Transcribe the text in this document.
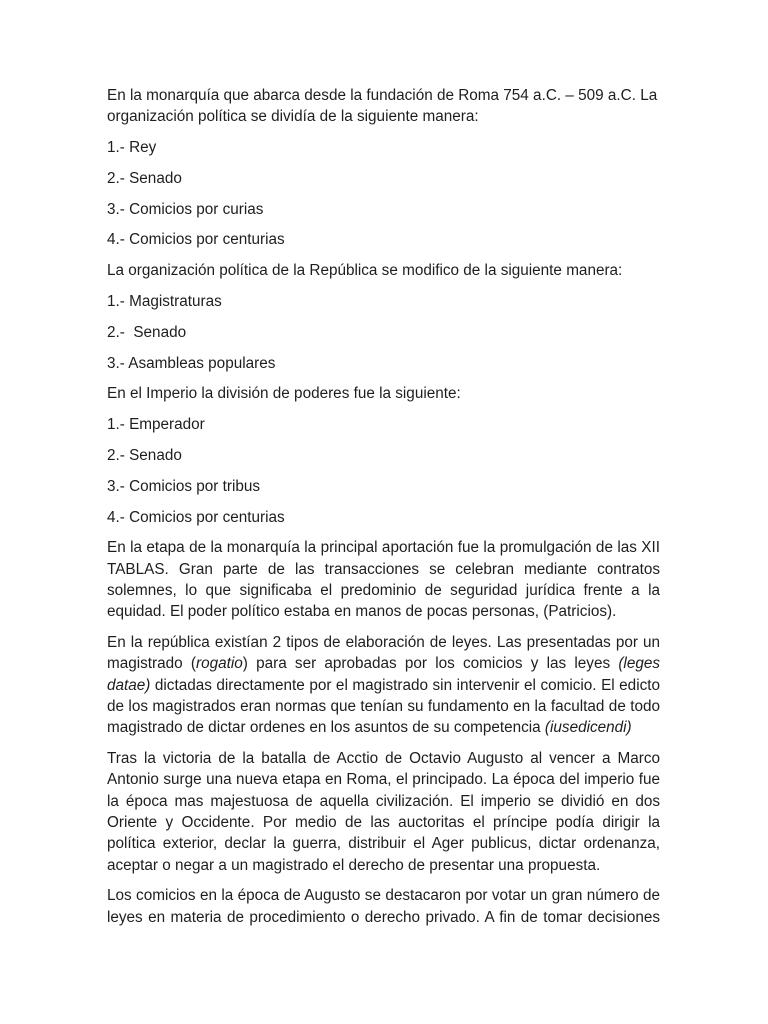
En la monarquía que abarca desde la fundación de Roma 754 a.C. – 509 a.C. La organización política se dividía de la siguiente manera:

1.- Rey

2.- Senado

3.- Comicios por curias

4.- Comicios por centurias

La organización política de la República se modifico de la siguiente manera:

1.- Magistraturas

2.-  Senado

3.- Asambleas populares

En el Imperio la división de poderes fue la siguiente:

1.- Emperador

2.- Senado

3.- Comicios por tribus

4.- Comicios por centurias

En la etapa de la monarquía la principal aportación fue la promulgación de las XII TABLAS. Gran parte de las transacciones se celebran mediante contratos solemnes, lo que significaba el predominio de seguridad jurídica frente a la equidad. El poder político estaba en manos de pocas personas, (Patricios).

En la república existían 2 tipos de elaboración de leyes. Las presentadas por un magistrado (rogatio) para ser aprobadas por los comicios y las leyes (leges datae) dictadas directamente por el magistrado sin intervenir el comicio. El edicto de los magistrados eran normas que tenían su fundamento en la facultad de todo magistrado de dictar ordenes en los asuntos de su competencia (iusedicendi)

Tras la victoria de la batalla de Acctio de Octavio Augusto al vencer a Marco Antonio surge una nueva etapa en Roma, el principado. La época del imperio fue la época mas majestuosa de aquella civilización. El imperio se dividió en dos Oriente y Occidente. Por medio de las auctoritas el príncipe podía dirigir la política exterior, declar la guerra, distribuir el Ager publicus, dictar ordenanza, aceptar o negar a un magistrado el derecho de presentar una propuesta.

Los comicios en la época de Augusto se destacaron por votar un gran número de leyes en materia de procedimiento o derecho privado. A fin de tomar decisiones
